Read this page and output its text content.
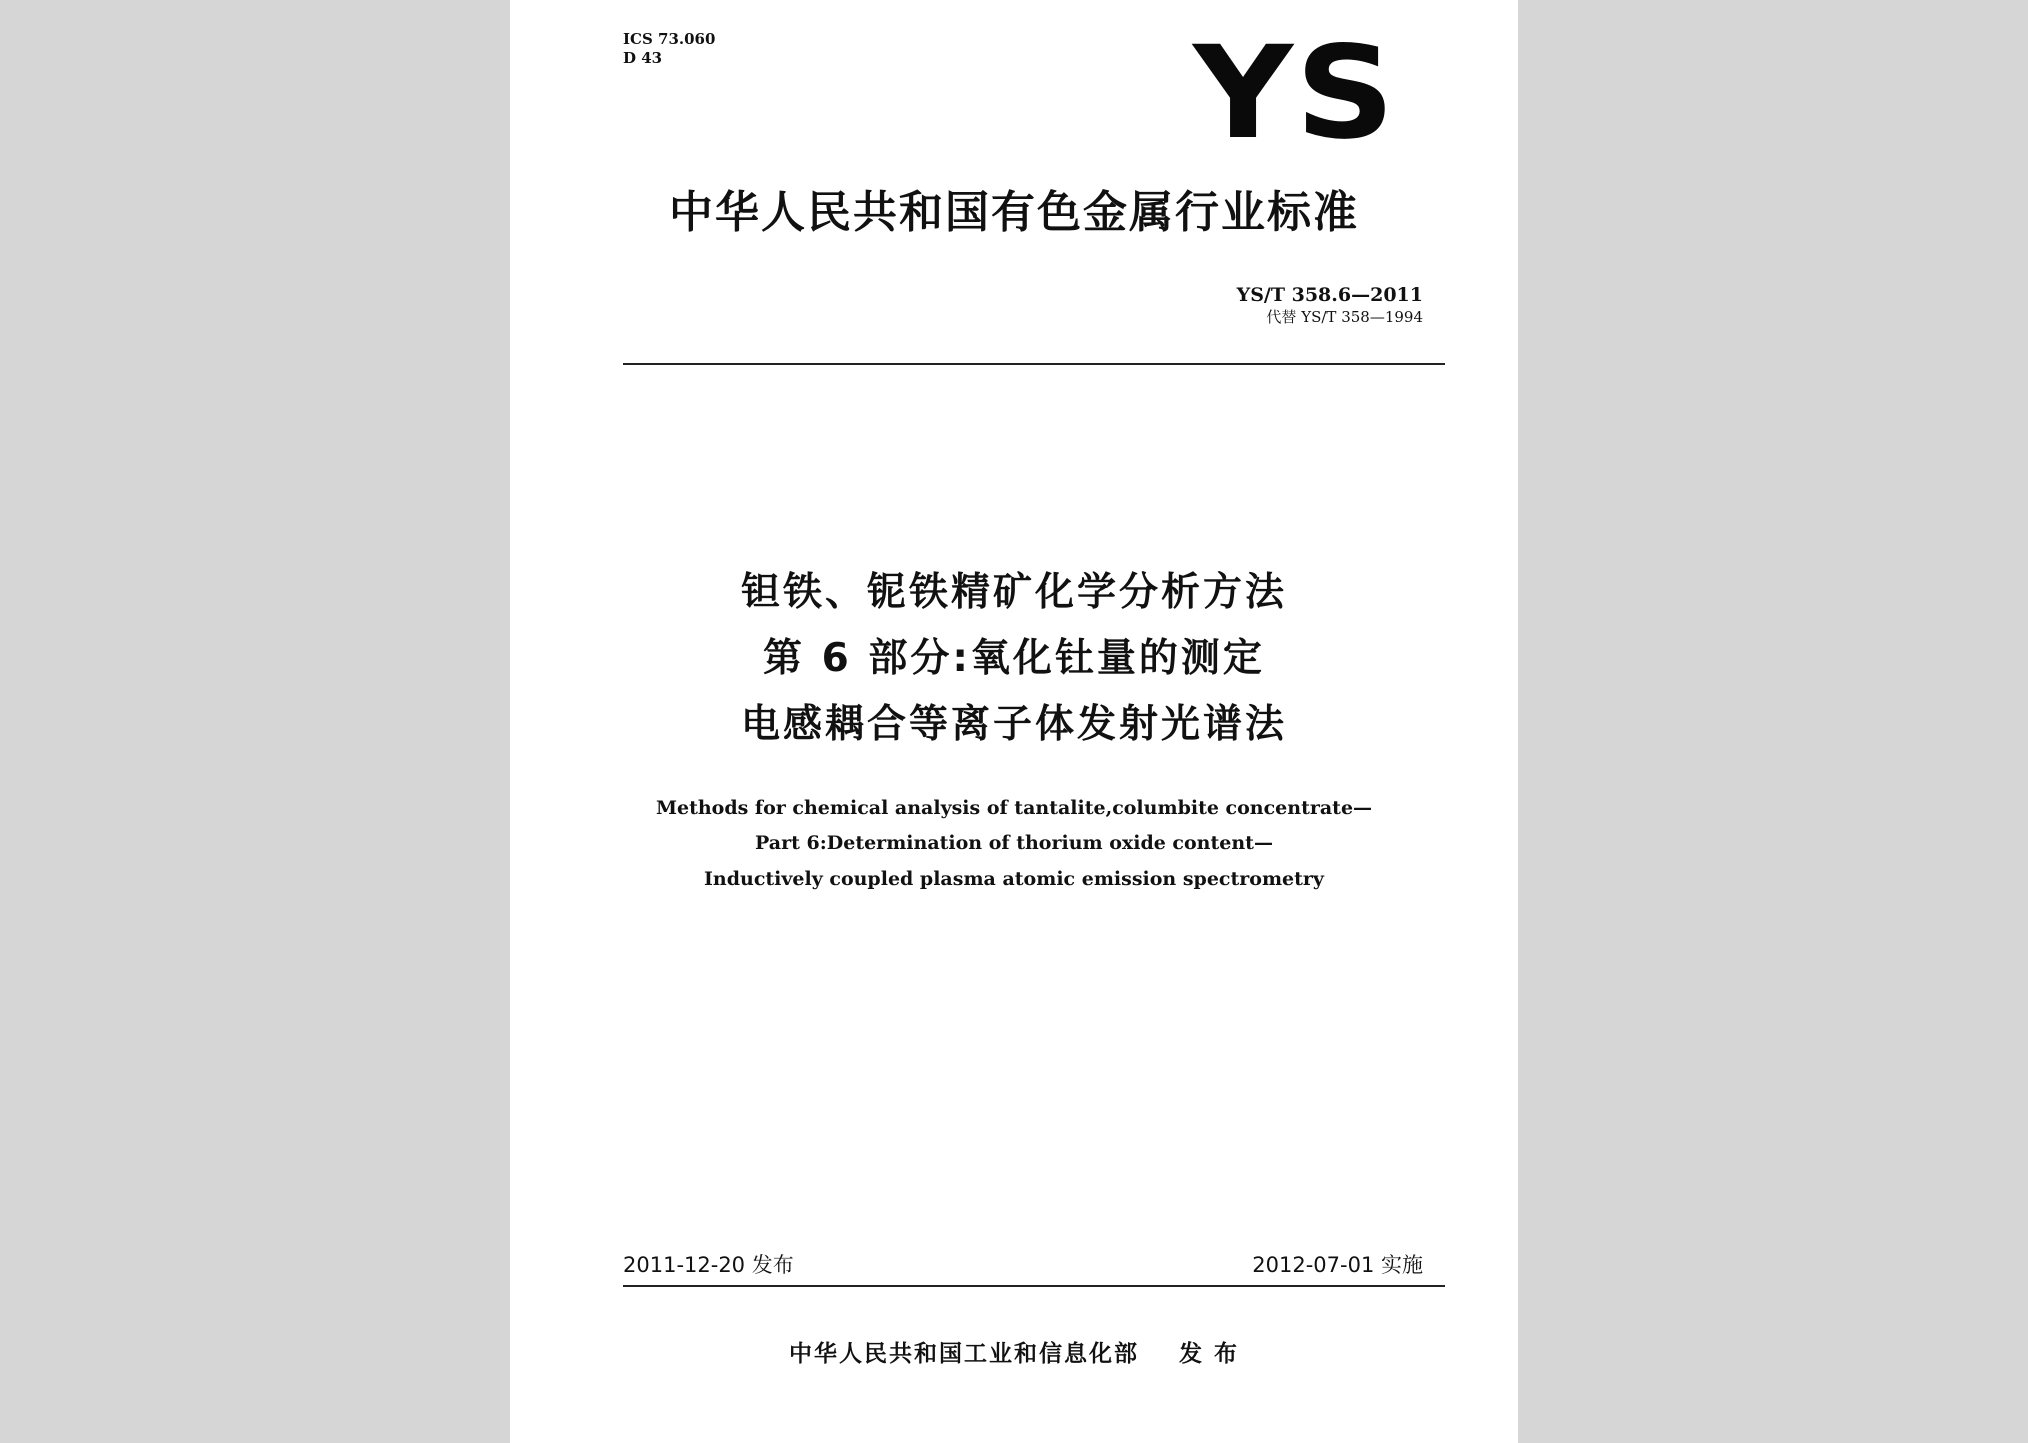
ICS 73.060
D 43	YS
中华人民共和国有色金属行业标准
YS/T 358.6—2011
代替 YS/T 358—1994
钽铁、铌铁精矿化学分析方法
第 6 部分:氧化钍量的测定
电感耦合等离子体发射光谱法
Methods for chemical analysis of tantalite,columbite concentrate—
Part 6:Determination of thorium oxide content—
Inductively coupled plasma atomic emission spectrometry
2011-12-20 发布	2012-07-01 实施
中华人民共和国工业和信息化部 发 布
